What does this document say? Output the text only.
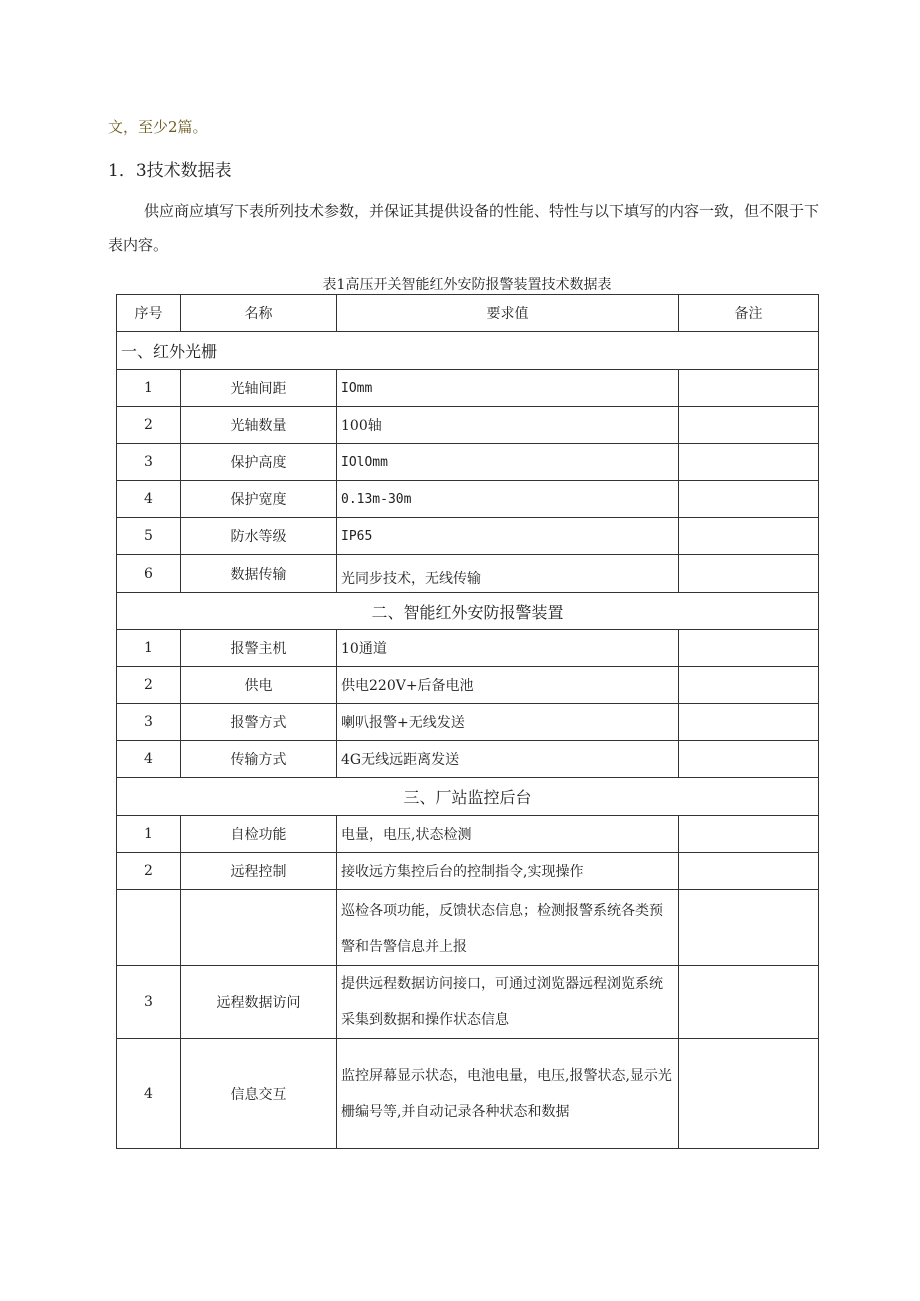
文，至少2篇。
1．3技术数据表
供应商应填写下表所列技术参数，并保证其提供设备的性能、特性与以下填写的内容一致，但不限于下表内容。
表1高压开关智能红外安防报警装置技术数据表
序号	名称	要求值	备注
一、红外光栅			
1	光轴间距	IOmm	
2	光轴数量	100轴	
3	保护高度	IOlOmm	
4	保护宽度	0.13m-30m	
5	防水等级	IP65	
6	数据传输	光同步技术，无线传输	
二、智能红外安防报警装置			
1	报警主机	10通道	
2	供电	供电220V+后备电池	
3	报警方式	喇叭报警+无线发送	
4	传输方式	4G无线远距离发送	
三、厂站监控后台			
1	自检功能	电量，电压,状态检测	
2	远程控制	接收远方集控后台的控制指令,实现操作	
		巡检各项功能，反馈状态信息；检测报警系统各类预警和告警信息并上报	
3	远程数据访问	提供远程数据访问接口，可通过浏览器远程浏览系统采集到数据和操作状态信息	
4	信息交互	监控屏幕显示状态，电池电量，电压,报警状态,显示光栅编号等,并自动记录各种状态和数据	
